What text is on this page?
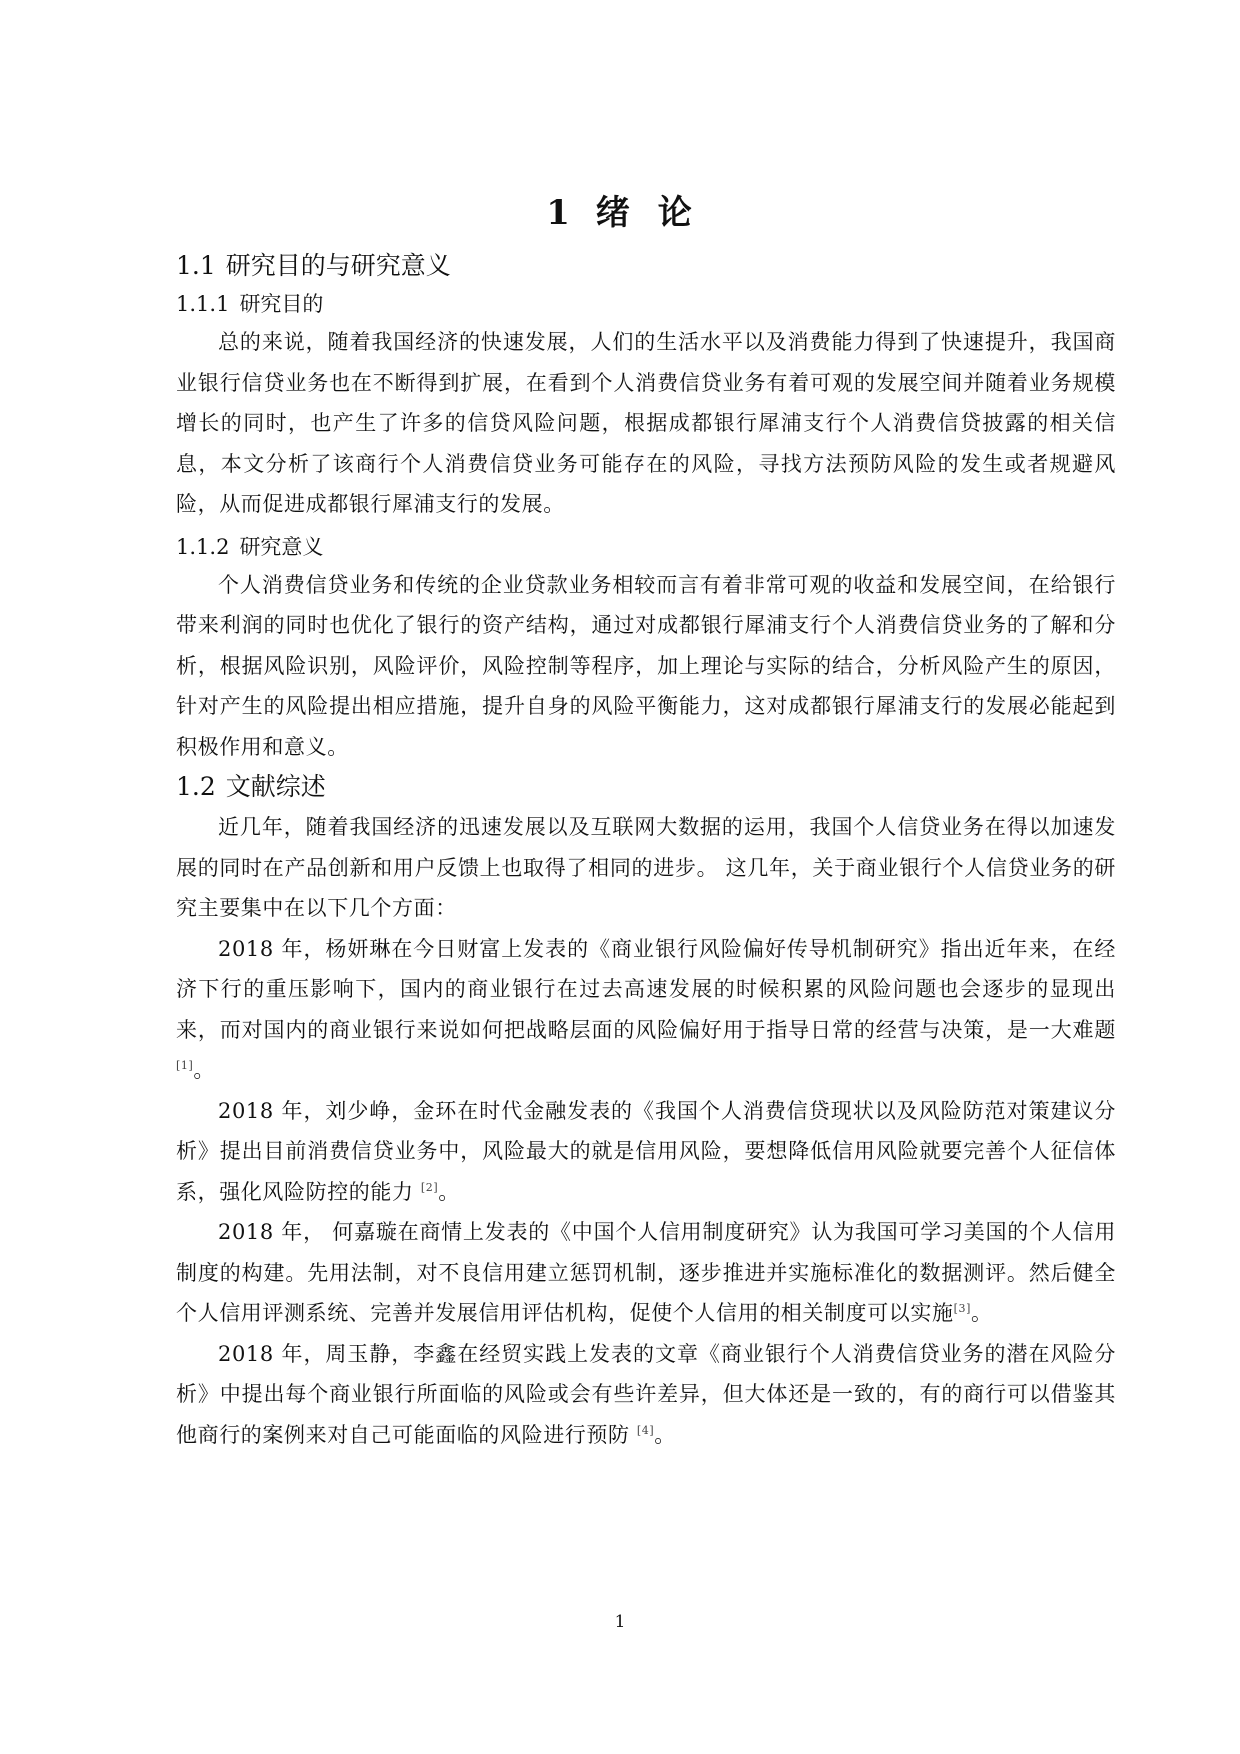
1 绪 论
1.1 研究目的与研究意义
1.1.1 研究目的

总的来说，随着我国经济的快速发展，人们的生活水平以及消费能力得到了快速提升，我国商业银行信贷业务也在不断得到扩展，在看到个人消费信贷业务有着可观的发展空间并随着业务规模增长的同时，也产生了许多的信贷风险问题，根据成都银行犀浦支行个人消费信贷披露的相关信息，本文分析了该商行个人消费信贷业务可能存在的风险，寻找方法预防风险的发生或者规避风险，从而促进成都银行犀浦支行的发展。

1.1.2 研究意义

个人消费信贷业务和传统的企业贷款业务相较而言有着非常可观的收益和发展空间，在给银行带来利润的同时也优化了银行的资产结构，通过对成都银行犀浦支行个人消费信贷业务的了解和分析，根据风险识别，风险评价，风险控制等程序，加上理论与实际的结合，分析风险产生的原因，针对产生的风险提出相应措施，提升自身的风险平衡能力，这对成都银行犀浦支行的发展必能起到积极作用和意义。

1.2 文献综述

近几年，随着我国经济的迅速发展以及互联网大数据的运用，我国个人信贷业务在得以加速发展的同时在产品创新和用户反馈上也取得了相同的进步。 这几年，关于商业银行个人信贷业务的研究主要集中在以下几个方面：

2018 年，杨妍琳在今日财富上发表的《商业银行风险偏好传导机制研究》指出近年来，在经济下行的重压影响下，国内的商业银行在过去高速发展的时候积累的风险问题也会逐步的显现出来，而对国内的商业银行来说如何把战略层面的风险偏好用于指导日常的经营与决策，是一大难题[1]。

2018 年，刘少峥，金环在时代金融发表的《我国个人消费信贷现状以及风险防范对策建议分析》提出目前消费信贷业务中，风险最大的就是信用风险，要想降低信用风险就要完善个人征信体系，强化风险防控的能力 [2]。

2018 年， 何嘉璇在商情上发表的《中国个人信用制度研究》认为我国可学习美国的个人信用制度的构建。先用法制，对不良信用建立惩罚机制，逐步推进并实施标准化的数据测评。然后健全个人信用评测系统、完善并发展信用评估机构，促使个人信用的相关制度可以实施[3]。

2018 年，周玉静，李鑫在经贸实践上发表的文章《商业银行个人消费信贷业务的潜在风险分析》中提出每个商业银行所面临的风险或会有些许差异，但大体还是一致的，有的商行可以借鉴其他商行的案例来对自己可能面临的风险进行预防 [4]。

1
